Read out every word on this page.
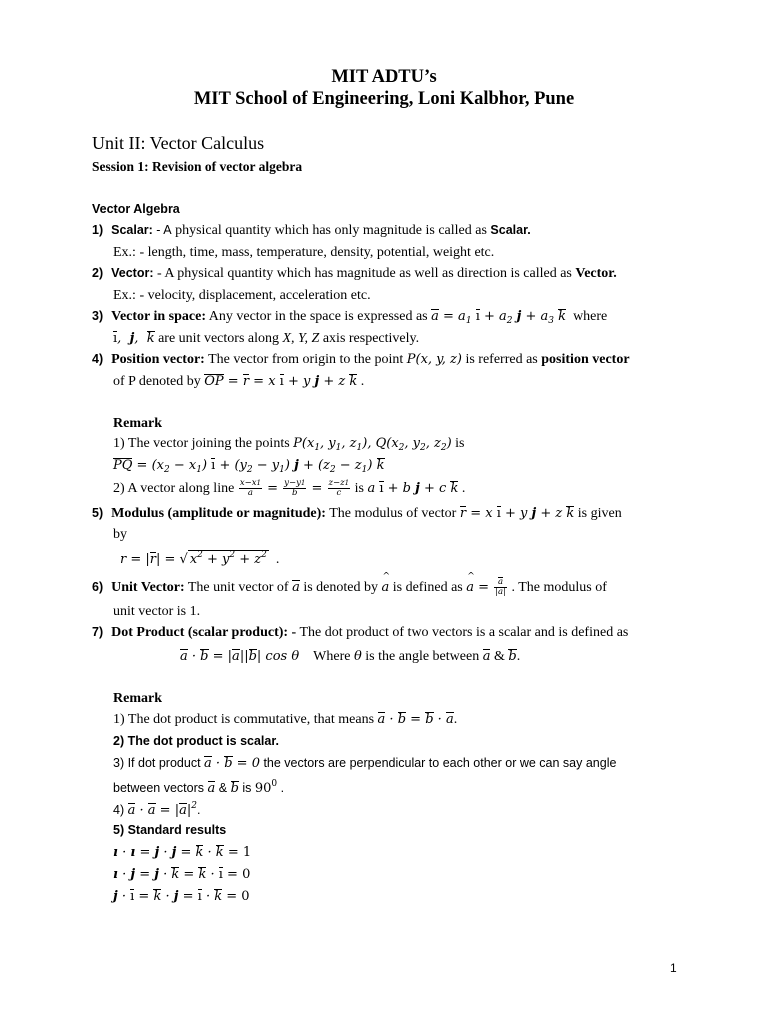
MIT ADTU’s
MIT School of Engineering, Loni Kalbhor, Pune
Unit II: Vector Calculus
Session 1: Revision of vector algebra
Vector Algebra
1) Scalar: - A physical quantity which has only magnitude is called as Scalar.
Ex.: - length, time, mass, temperature, density, potential, weight etc.
2) Vector: - A physical quantity which has magnitude as well as direction is called as Vector.
Ex.: - velocity, displacement, acceleration etc.
3) Vector in space: Any vector in the space is expressed as $a = a_1$ ı + $a_2$ $j + a_3$ k where
ı,  j,  k are unit vectors along X, Y, Z axis respectively.
4) Position vector: The vector from origin to the point P(x, y, z) is referred as position vector
of P denoted by OP = r = x ı + y j + z k .
Remark
1) The vector joining the points $P(x_1$, $y_1$, $z_1$), $Q(x_2$, $y_2$, $z_2$) is
PQ = $(x_2 - x_1)$ ı + $(y_2 - y_1) j + (z_2 - z_1)$ k
2) A vector along line $\frac{x-x1}{a} = \frac{y-y1}{b} = \frac{z-z1}{c}$ is a ı + b j + c k .
5) Modulus (amplitude or magnitude): The modulus of vector r = x ı + y j + z k is given
by
r = |r| = √ $x^2 + y^2 + z^2$  .
6) Unit Vector: The unit vector of a is denoted by ^ a is defined as ^ $a = \frac{a}{|a|}$ . The modulus of
unit vector is 1.
7) Dot Product (scalar product): - The dot product of two vectors is a scalar and is defined as
a · b = |a||b| cos θ Where θ is the angle between a & b.
Remark
1) The dot product is commutative, that means a · b = b · a.
2) The dot product is scalar.
3) If dot product a · b = 0 the vectors are perpendicular to each other or we can say angle
between vectors a & b is $90^0$ .
4) $a \cdot a = |a|^2$.
5) Standard results
ı · ı = j · j = k · k = 1
ı · j = j · k = k · ı = 0
j · ı = k · j = ı · k = 0
1
